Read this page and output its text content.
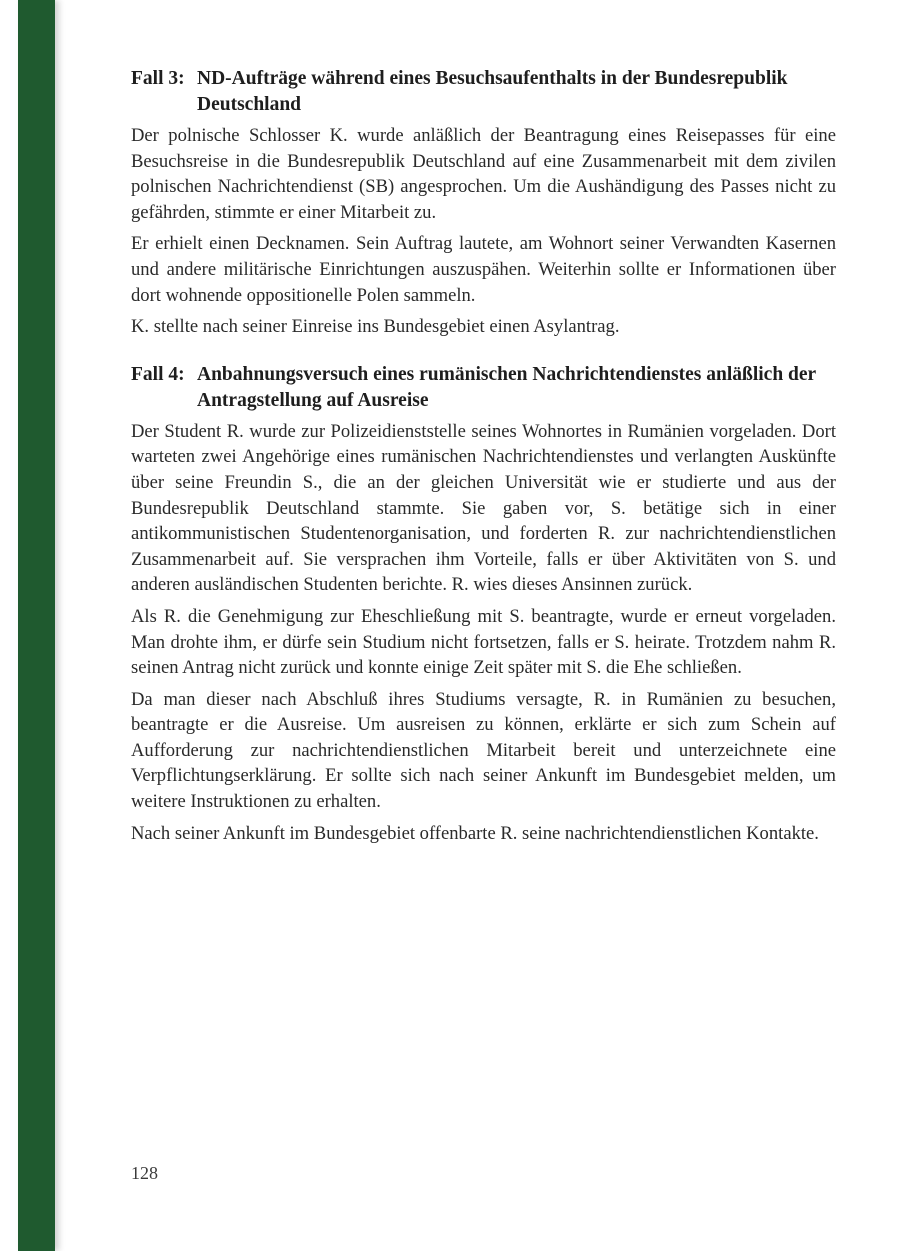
Fall 3: ND-Aufträge während eines Besuchsaufenthalts in der Bundesrepublik Deutschland

Der polnische Schlosser K. wurde anläßlich der Beantragung eines Reisepasses für eine Besuchsreise in die Bundesrepublik Deutschland auf eine Zusammenarbeit mit dem zivilen polnischen Nachrichtendienst (SB) angesprochen. Um die Aushändigung des Passes nicht zu gefährden, stimmte er einer Mitarbeit zu.

Er erhielt einen Decknamen. Sein Auftrag lautete, am Wohnort seiner Verwandten Kasernen und andere militärische Einrichtungen auszuspähen. Weiterhin sollte er Informationen über dort wohnende oppositionelle Polen sammeln.

K. stellte nach seiner Einreise ins Bundesgebiet einen Asylantrag.

Fall 4: Anbahnungsversuch eines rumänischen Nachrichtendienstes anläßlich der Antragstellung auf Ausreise

Der Student R. wurde zur Polizeidienststelle seines Wohnortes in Rumänien vorgeladen. Dort warteten zwei Angehörige eines rumänischen Nachrichtendienstes und verlangten Auskünfte über seine Freundin S., die an der gleichen Universität wie er studierte und aus der Bundesrepublik Deutschland stammte. Sie gaben vor, S. betätige sich in einer antikommunistischen Studentenorganisation, und forderten R. zur nachrichtendienstlichen Zusammenarbeit auf. Sie versprachen ihm Vorteile, falls er über Aktivitäten von S. und anderen ausländischen Studenten berichte. R. wies dieses Ansinnen zurück.

Als R. die Genehmigung zur Eheschließung mit S. beantragte, wurde er erneut vorgeladen. Man drohte ihm, er dürfe sein Studium nicht fortsetzen, falls er S. heirate. Trotzdem nahm R. seinen Antrag nicht zurück und konnte einige Zeit später mit S. die Ehe schließen.

Da man dieser nach Abschluß ihres Studiums versagte, R. in Rumänien zu besuchen, beantragte er die Ausreise. Um ausreisen zu können, erklärte er sich zum Schein auf Aufforderung zur nachrichtendienstlichen Mitarbeit bereit und unterzeichnete eine Verpflichtungserklärung. Er sollte sich nach seiner Ankunft im Bundesgebiet melden, um weitere Instruktionen zu erhalten.

Nach seiner Ankunft im Bundesgebiet offenbarte R. seine nachrichtendienstlichen Kontakte.

128
